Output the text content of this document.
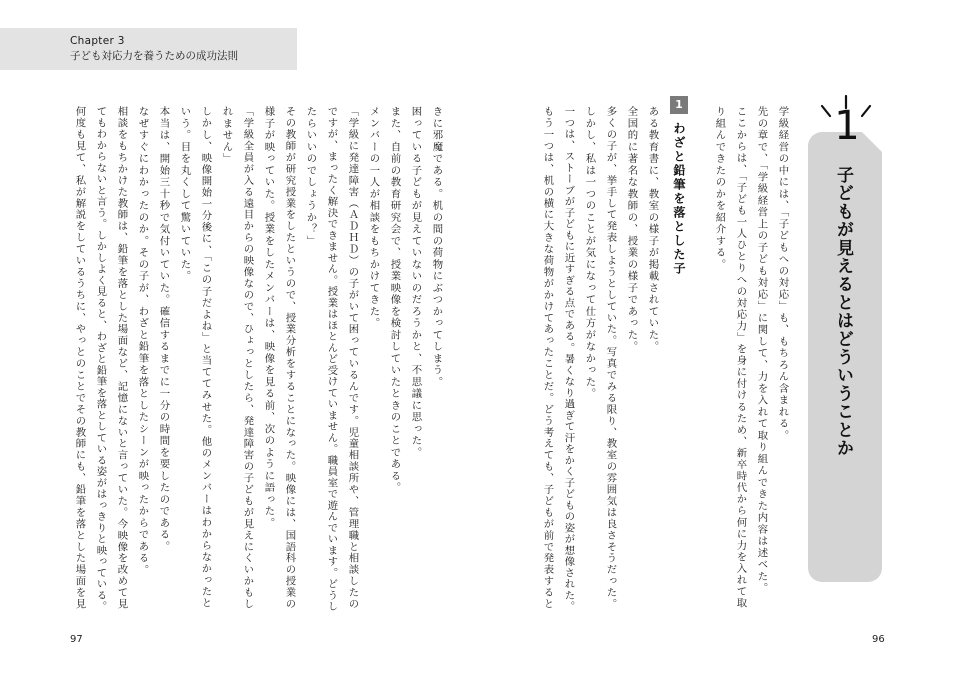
Chapter 3
子ども対応力を養うための成功法則
1
子どもが見えるとはどういうことか
学級経営の中には、「子どもへの対応」も、もちろん含まれる。
先の章で、「学級経営上の子ども対応」に関して、力を入れて取り組んできた内容は述べた。
ここからは、「子ども一人ひとりへの対応力」を身に付けるため、新卒時代から何に力を入れて取
り組んできたのかを紹介する。
1
わざと鉛筆を落とした子
ある教育書に、教室の様子が掲載されていた。
全国的に著名な教師の、授業の様子であった。
多くの子が、挙手して発表しようとしていた。写真でみる限り、教室の雰囲気は良さそうだった。
しかし、私は一つのことが気になって仕方がなかった。
一つは、ストーブが子どもに近すぎる点である。暑くなり過ぎて汗をかく子どもの姿が想像された。
もう一つは、机の横に大きな荷物がかけてあったことだ。どう考えても、子どもが前で発表すると
きに邪魔である。机の間の荷物にぶつかってしまう。
困っている子どもが見えていないのだろうかと、不思議に思った。
また、自前の教育研究会で、授業映像を検討していたときのことである。
メンバーの一人が相談をもちかけてきた。
「学級に発達障害（ＡＤＨＤ）の子がいて困っているんです。児童相談所や、管理職と相談したの
ですが、まったく解決できません。授業はほとんど受けていません。職員室で遊んでいます。どうし
たらいいのでしょうか？」
その教師が研究授業をしたというので、授業分析をすることになった。映像には、国語科の授業の
様子が映っていた。授業をしたメンバーは、映像を見る前、次のように語った。
「学級全員が入る遠目からの映像なので、ひょっとしたら、発達障害の子どもが見えにくいかもし
れません」
しかし、映像開始一分後に、「この子だよね」と当ててみせた。他のメンバーはわからなかったと
いう。目を丸くして驚いていた。
本当は、開始三十秒で気付いていた。確信するまでに一分の時間を要したのである。
なぜすぐにわかったのか。その子が、わざと鉛筆を落としたシーンが映ったからである。
相談をもちかけた教師は、鉛筆を落とした場面など、記憶にないと言っていた。今映像を改めて見
てもわからないと言う。しかしよく見ると、わざと鉛筆を落としている姿がはっきりと映っている。
何度も見て、私が解説をしているうちに、やっとのことでその教師にも、鉛筆を落とした場面を見
97	96
